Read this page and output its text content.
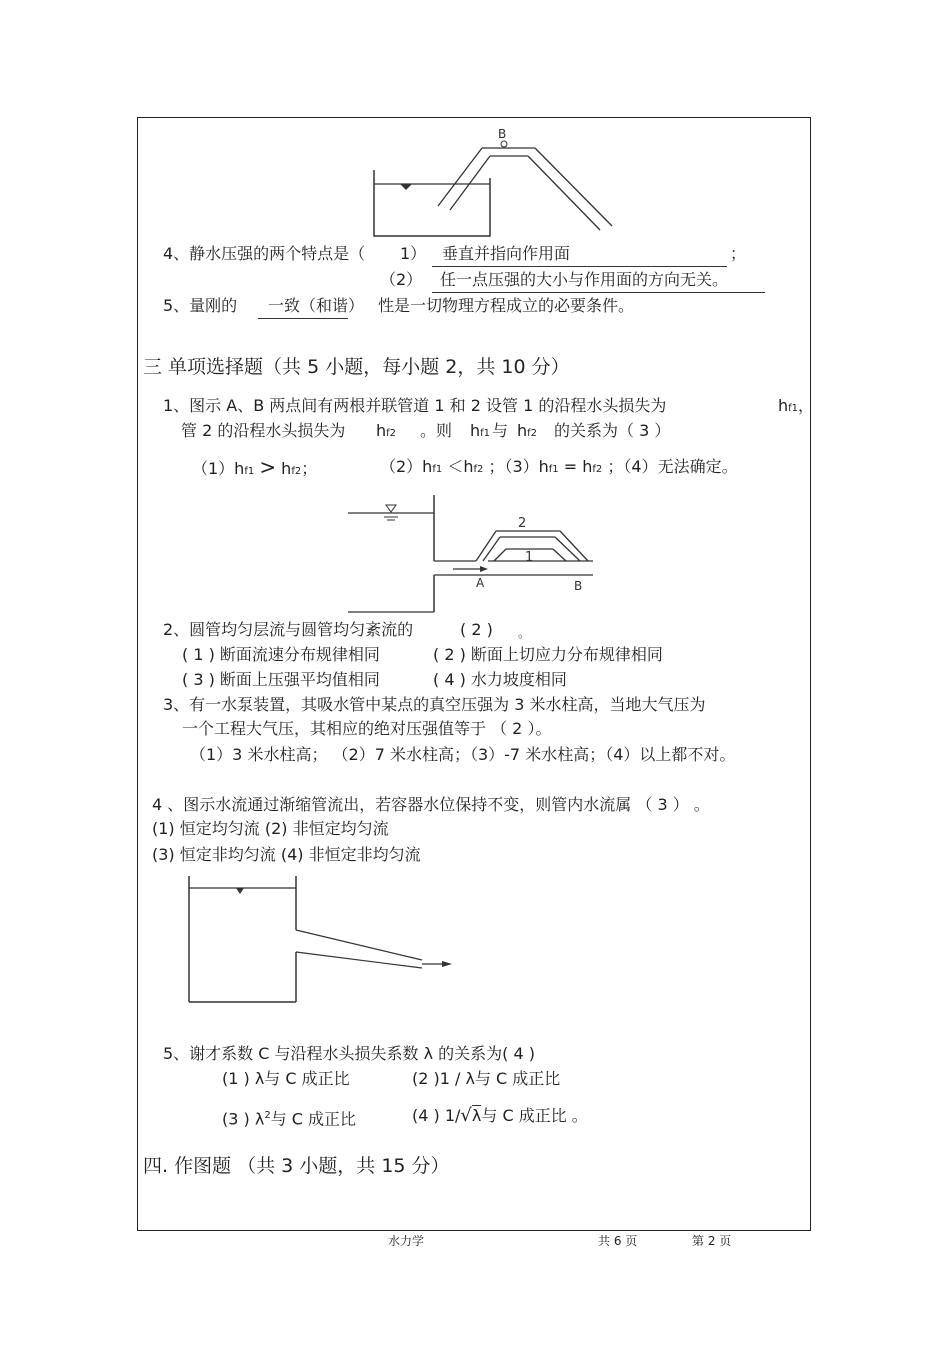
B
4、静水压强的两个特点是（ 1） 垂直并指向作用面	；
（2） 任一点压强的大小与作用面的方向无关。
5、量刚的 一致（和谐） 性是一切物理方程成立的必要条件。
三 单项选择题（共 5 小题，每小题 2，共 10 分）
1、图示 A、B 两点间有两根并联管道 1 和 2 设管 1 的沿程水头损失为	hf1，
管 2 的沿程水头损失为 hf2 。则 hf1 与 hf2 的关系为（ 3 ）
（1）hf1 > hf2；	（2）hf1 ＜hf2 ；（3）hf1 = hf2 ；（4）无法确定。
2
1
A	B
2、圆管均匀层流与圆管均匀紊流的	( 2 ) 。
( 1 ) 断面流速分布规律相同	( 2 ) 断面上切应力分布规律相同
( 3 ) 断面上压强平均值相同	( 4 ) 水力坡度相同
3、有一水泵装置，其吸水管中某点的真空压强为 3 米水柱高，当地大气压为
一个工程大气压，其相应的绝对压强值等于 （ 2 ）。
（1）3 米水柱高； （2）7 米水柱高；（3）-7 米水柱高；（4）以上都不对。
4 、图示水流通过渐缩管流出，若容器水位保持不变，则管内水流属 （ 3 ） 。
(1) 恒定均匀流 (2) 非恒定均匀流
(3) 恒定非均匀流 (4) 非恒定非均匀流
5、谢才系数 C 与沿程水头损失系数 λ 的关系为( 4 )
(1 ) λ与 C 成正比	(2 )1 / λ与 C 成正比
(3 ) $\lambda^2$与 C 成正比	(4 ) 1/√λ与 C 成正比 。
四. 作图题 （共 3 小题，共 15 分）
水力学	共 6 页	第 2 页
